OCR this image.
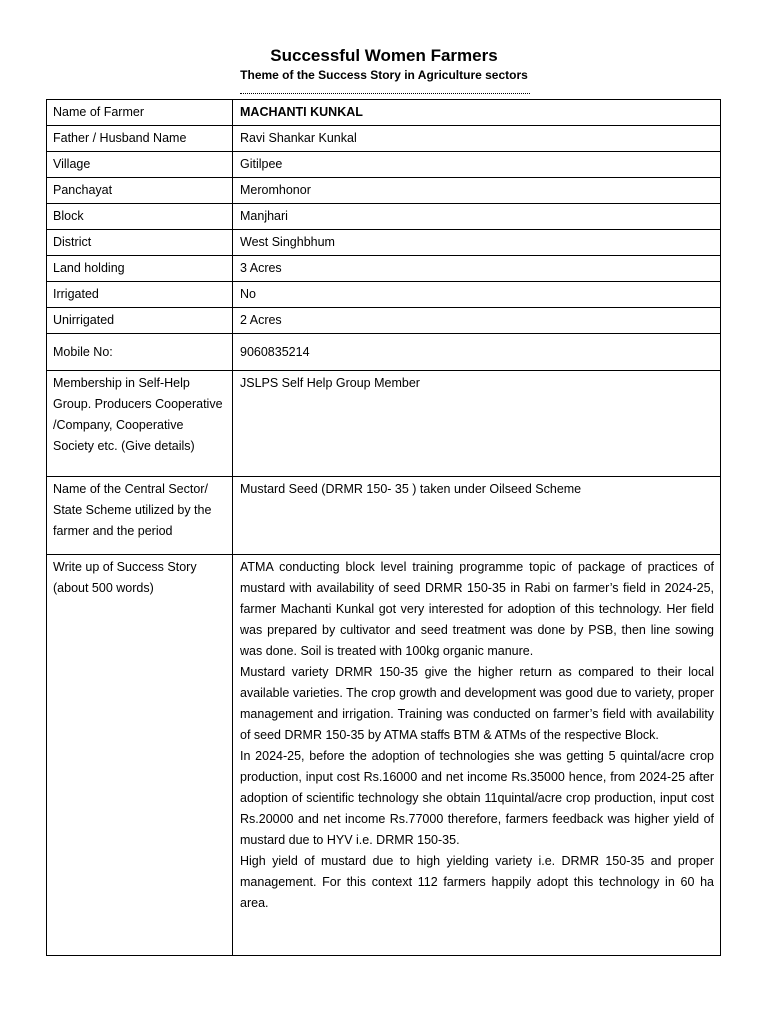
Successful Women Farmers
Theme of the Success Story in Agriculture sectors
Name of Farmer	MACHANTI KUNKAL
Father / Husband Name	Ravi Shankar Kunkal
Village	Gitilpee
Panchayat	Meromhonor
Block	Manjhari
District	West Singhbhum
Land holding	3 Acres
Irrigated	No
Unirrigated	2 Acres
Mobile No:	9060835214
Membership in Self-Help Group. Producers Cooperative /Company, Cooperative Society etc. (Give details)	JSLPS Self Help Group Member
Name of the Central Sector/ State Scheme utilized by the farmer and the period	Mustard Seed (DRMR 150- 35 ) taken under Oilseed Scheme
Write up of Success Story (about 500 words)	ATMA conducting block level training programme topic of package of practices of mustard with availability of seed DRMR 150-35 in Rabi on farmer’s field in 2024-25, farmer Machanti Kunkal got very interested for adoption of this technology. Her field was prepared by cultivator and seed treatment was done by PSB, then line sowing was done. Soil is treated with 100kg organic manure.

Mustard variety DRMR 150-35 give the higher return as compared to their local available varieties. The crop growth and development was good due to variety, proper management and irrigation. Training was conducted on farmer’s field with availability of seed DRMR 150-35 by ATMA staffs BTM & ATMs of the respective Block.

In 2024-25, before the adoption of technologies she was getting 5 quintal/acre crop production, input cost Rs.16000 and net income Rs.35000 hence, from 2024-25 after adoption of scientific technology she obtain 11quintal/acre crop production, input cost Rs.20000 and net income Rs.77000 therefore, farmers feedback was higher yield of mustard due to HYV i.e. DRMR 150-35.

High yield of mustard due to high yielding variety i.e. DRMR 150-35 and proper management. For this context 112 farmers happily adopt this technology in 60 ha area.
